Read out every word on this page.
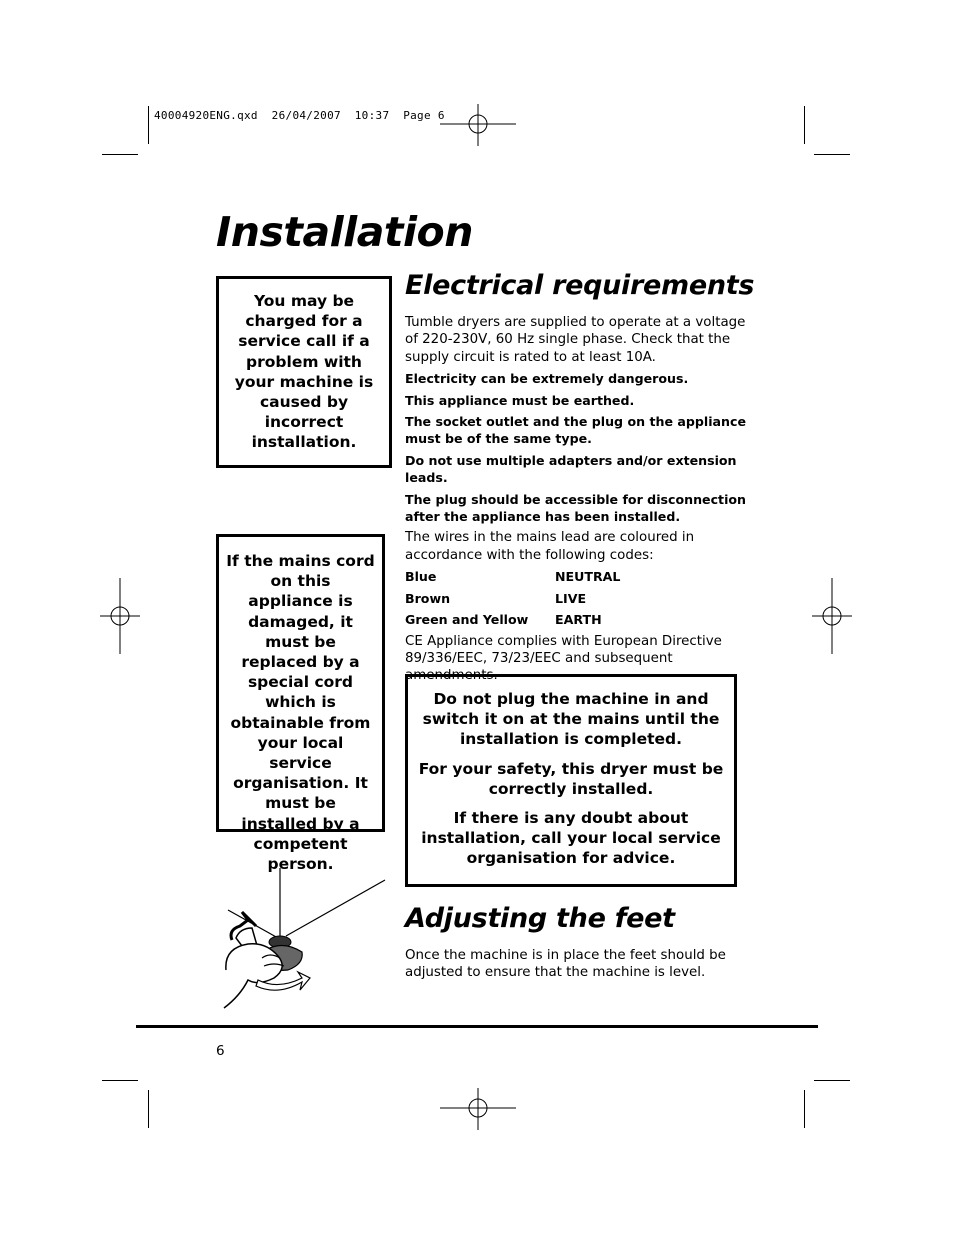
40004920ENG.qxd  26/04/2007  10:37  Page 6
Installation

You may be charged for a service call if a problem with your machine is caused by incorrect installation.

If the mains cord on this appliance is damaged, it must be replaced by a special cord which is obtainable from your local service organisation. It must be installed by a competent person.

Electrical requirements

Tumble dryers are supplied to operate at a voltage of 220-230V, 60 Hz single phase. Check that the supply circuit is rated to at least 10A.

Electricity can be extremely dangerous.

This appliance must be earthed.

The socket outlet and the plug on the appliance must be of the same type.

Do not use multiple adapters and/or extension leads.

The plug should be accessible for disconnection after the appliance has been installed.

The wires in the mains lead are coloured in accordance with the following codes:

Blue	NEUTRAL
Brown	LIVE
Green and Yellow	EARTH

CE Appliance complies with European Directive 89/336/EEC, 73/23/EEC and subsequent amendments.

Do not plug the machine in and switch it on at the mains until the installation is completed.

For your safety, this dryer must be correctly installed.

If there is any doubt about installation, call your local service organisation for advice.

Adjusting the feet

Once the machine is in place the feet should be adjusted to ensure that the machine is level.

6
